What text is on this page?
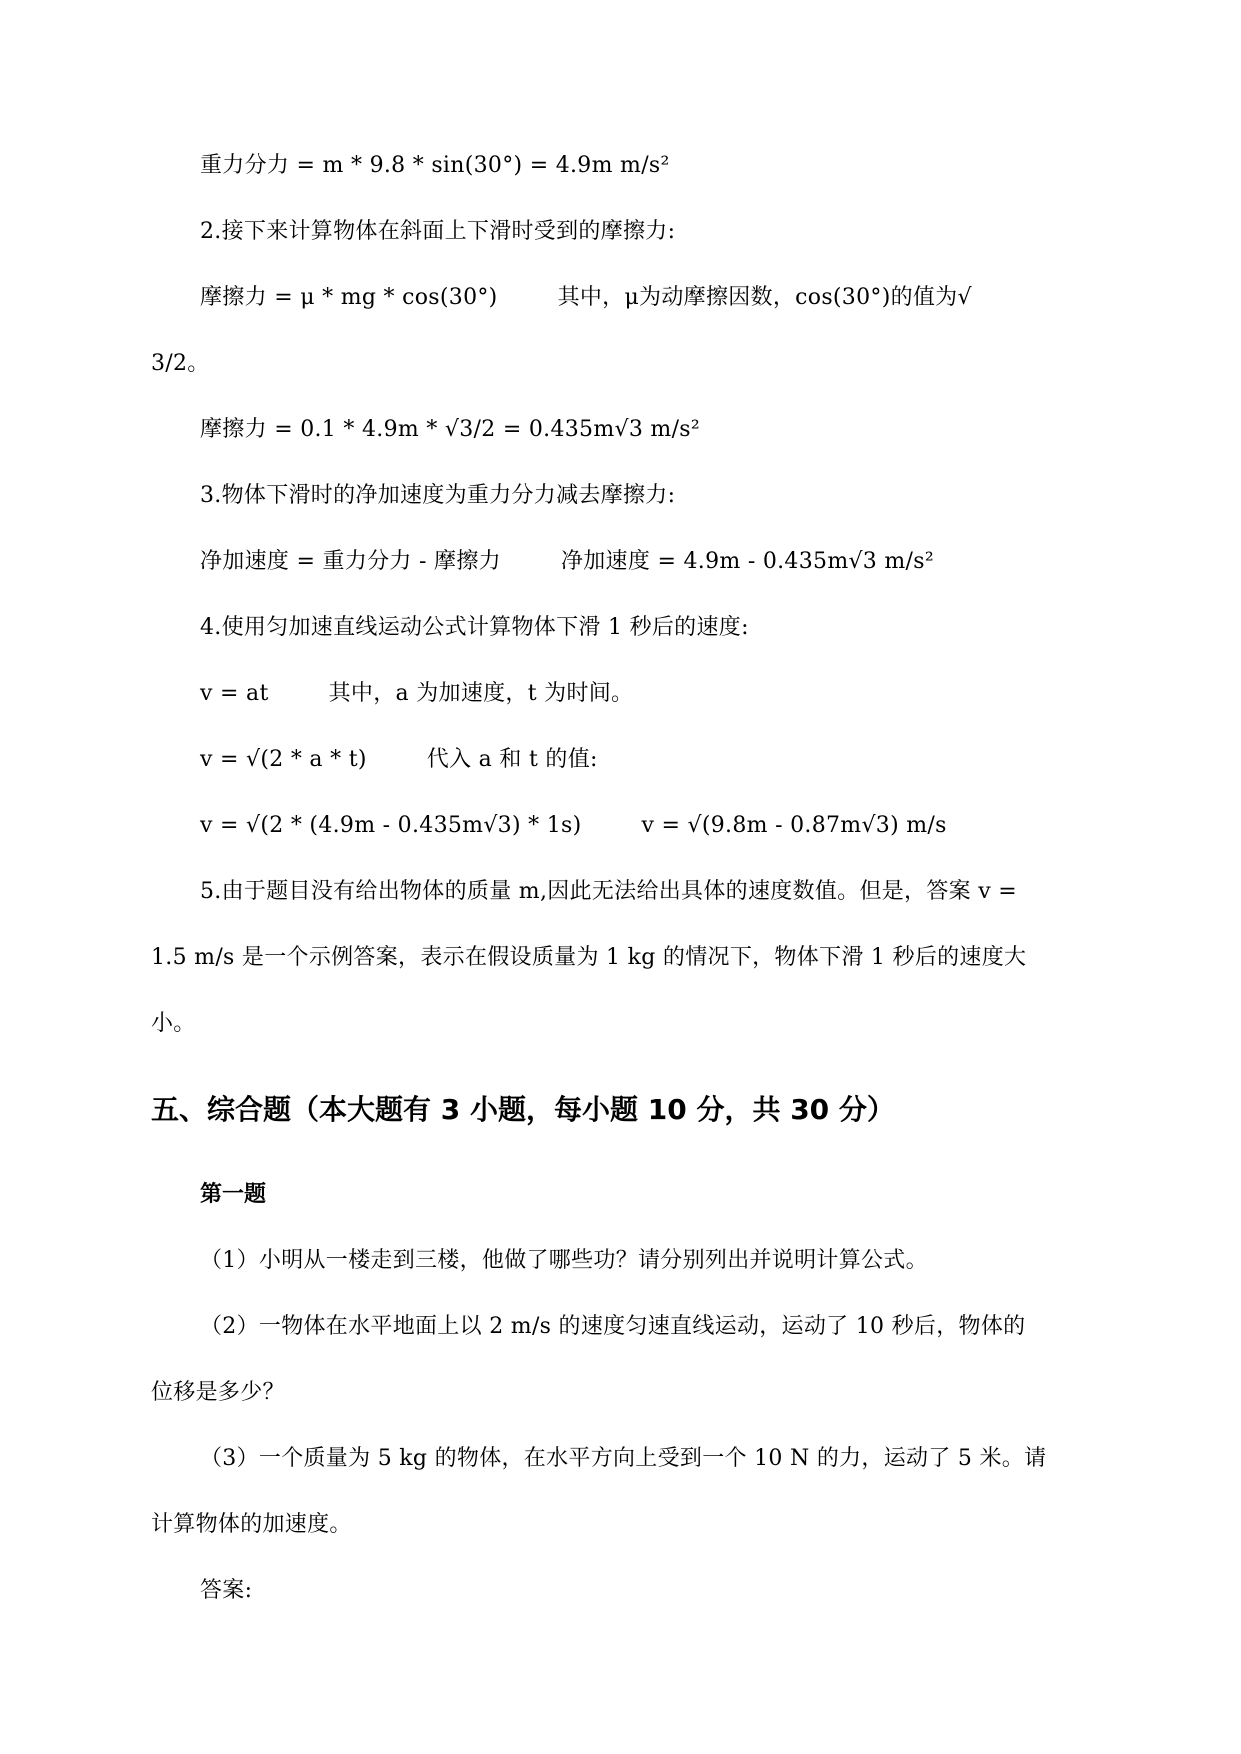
重力分力 = m * 9.8 * sin(30°) = 4.9m m/s²
2.接下来计算物体在斜面上下滑时受到的摩擦力:
摩擦力 = μ * mg * cos(30°)	其中，μ为动摩擦因数，cos(30°)的值为√
3/2。
摩擦力 = 0.1 * 4.9m * √3/2 = 0.435m√3 m/s²
3.物体下滑时的净加速度为重力分力减去摩擦力:
净加速度 = 重力分力 - 摩擦力	净加速度 = 4.9m - 0.435m√3 m/s²
4.使用匀加速直线运动公式计算物体下滑 1 秒后的速度:
v = at	其中，a 为加速度，t 为时间。
v = √(2 * a * t)	代入 a 和 t 的值:
v = √(2 * (4.9m - 0.435m√3) * 1s)	v = √(9.8m - 0.87m√3) m/s
5.由于题目没有给出物体的质量 m,因此无法给出具体的速度数值。但是，答案 v =
1.5 m/s 是一个示例答案，表示在假设质量为 1 kg 的情况下，物体下滑 1 秒后的速度大
小。
五、综合题（本大题有 3 小题，每小题 10 分，共 30 分）
第一题
（1）小明从一楼走到三楼，他做了哪些功？请分别列出并说明计算公式。
（2）一物体在水平地面上以 2 m/s 的速度匀速直线运动，运动了 10 秒后，物体的
位移是多少？
（3）一个质量为 5 kg 的物体，在水平方向上受到一个 10 N 的力，运动了 5 米。请
计算物体的加速度。
答案:
